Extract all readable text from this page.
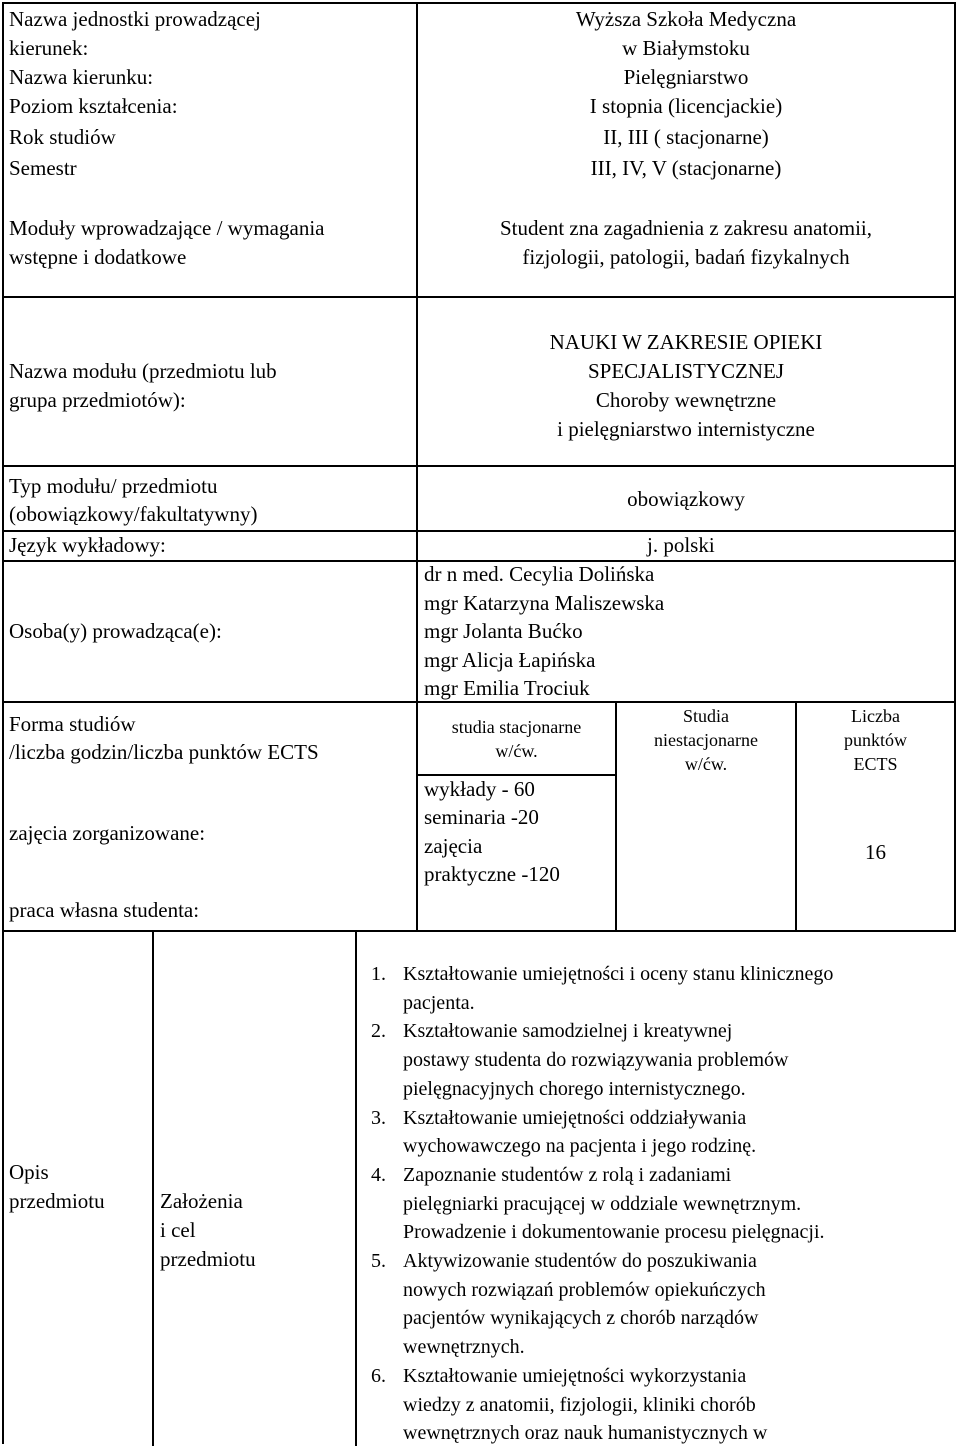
Nazwa jednostki prowadzącej
kierunek:
Nazwa kierunku:
Poziom kształcenia:
Rok studiów
Semestr
Wyższa Szkoła Medyczna
w Białymstoku
Pielęgniarstwo
I stopnia (licencjackie)
II, III ( stacjonarne)
III, IV, V (stacjonarne)
Moduły wprowadzające / wymagania
wstępne i dodatkowe
Student zna zagadnienia z zakresu anatomii,
fizjologii, patologii, badań fizykalnych
Nazwa modułu (przedmiotu lub
grupa przedmiotów):
NAUKI W ZAKRESIE OPIEKI
SPECJALISTYCZNEJ
Choroby wewnętrzne
i pielęgniarstwo internistyczne
Typ modułu/ przedmiotu
(obowiązkowy/fakultatywny)
obowiązkowy
Język wykładowy:	j. polski
Osoba(y) prowadząca(e):
dr n med. Cecylia Dolińska
mgr Katarzyna Maliszewska
mgr Jolanta Bućko
mgr Alicja Łapińska
mgr Emilia Trociuk
Forma studiów
/liczba godzin/liczba punktów ECTS
studia stacjonarne
w/ćw.
Studia
niestacjonarne
w/ćw.
Liczba
punktów
ECTS
wykłady - 60
seminaria -20
zajęcia
praktyczne -120
16
zajęcia zorganizowane:
praca własna studenta:
Opis
przedmiotu	Założenia
i cel
przedmiotu
1. Kształtowanie umiejętności i oceny stanu klinicznego
pacjenta.
2. Kształtowanie samodzielnej i kreatywnej
postawy studenta do rozwiązywania problemów
pielęgnacyjnych chorego internistycznego.
3. Kształtowanie umiejętności oddziaływania
wychowawczego na pacjenta i jego rodzinę.
4. Zapoznanie studentów z rolą i zadaniami
pielęgniarki pracującej w oddziale wewnętrznym.
Prowadzenie i dokumentowanie procesu pielęgnacji.
5. Aktywizowanie studentów do poszukiwania
nowych rozwiązań problemów opiekuńczych
pacjentów wynikających z chorób narządów
wewnętrznych.
6. Kształtowanie umiejętności wykorzystania
wiedzy z anatomii, fizjologii, kliniki chorób
wewnętrznych oraz nauk humanistycznych w
